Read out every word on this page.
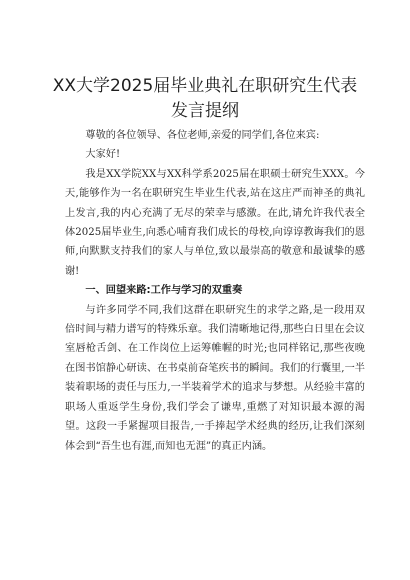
XX大学2025届毕业典礼在职研究生代表发言提纲

尊敬的各位领导、各位老师,亲爱的同学们,各位来宾:

大家好!

我是XX学院XX与XX科学系2025届在职硕士研究生XXX。今天,能够作为一名在职研究生毕业生代表,站在这庄严而神圣的典礼上发言,我的内心充满了无尽的荣幸与感激。在此,请允许我代表全体2025届毕业生,向悉心哺育我们成长的母校,向谆谆教诲我们的恩师,向默默支持我们的家人与单位,致以最崇高的敬意和最诚挚的感谢!

一、回望来路:工作与学习的双重奏

与许多同学不同,我们这群在职研究生的求学之路,是一段用双倍时间与精力谱写的特殊乐章。我们清晰地记得,那些白日里在会议室唇枪舌剑、在工作岗位上运筹帷幄的时光;也同样铭记,那些夜晚在图书馆静心研读、在书桌前奋笔疾书的瞬间。我们的行囊里,一半装着职场的责任与压力,一半装着学术的追求与梦想。从经验丰富的职场人重返学生身份,我们学会了谦卑,重燃了对知识最本源的渴望。这段一手紧握项目报告,一手捧起学术经典的经历,让我们深刻体会到“吾生也有涯,而知也无涯”的真正内涵。
